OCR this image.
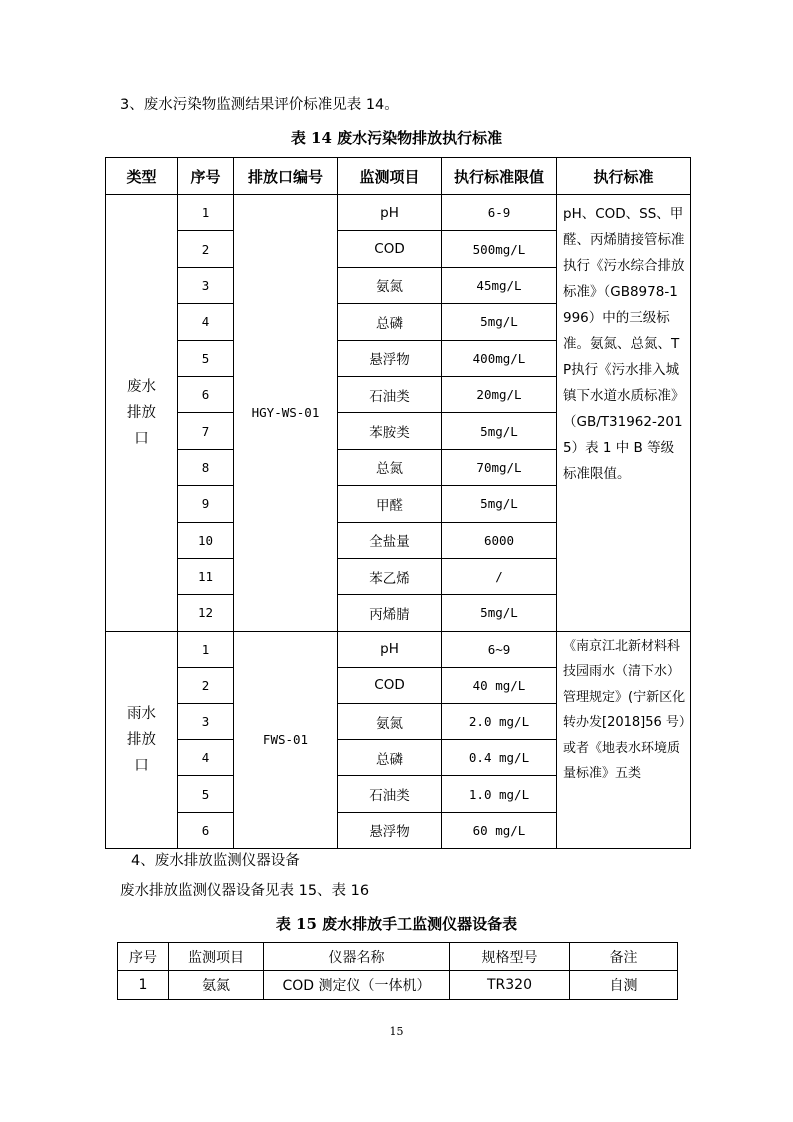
3、废水污染物监测结果评价标准见表 14。
表 14 废水污染物排放执行标准
类型	序号	排放口编号	监测项目	执行标准限值	执行标准
废水排放口	1	HGY-WS-01	pH	6-9	pH、COD、SS、甲醛、丙烯腈接管标准执行《污水综合排放标准》（GB8978-1996）中的三级标准。氨氮、总氮、TP执行《污水排入城镇下水道水质标准》（GB/T31962-2015）表 1 中 B 等级标准限值。
	2		COD	500mg/L	
	3		氨氮	45mg/L	
	4		总磷	5mg/L	
	5		悬浮物	400mg/L	
	6		石油类	20mg/L	
	7		苯胺类	5mg/L	
	8		总氮	70mg/L	
	9		甲醛	5mg/L	
	10		全盐量	6000	
	11		苯乙烯	/	
	12		丙烯腈	5mg/L	
雨水排放口	1	FWS-01	pH	6~9	《南京江北新材料科技园雨水（清下水）管理规定》(宁新区化转办发[2018]56 号）或者《地表水环境质量标准》五类
	2		COD	40 mg/L	
	3		氨氮	2.0 mg/L	
	4		总磷	0.4 mg/L	
	5		石油类	1.0 mg/L	
	6		悬浮物	60 mg/L	
4、废水排放监测仪器设备
废水排放监测仪器设备见表 15、表 16
表 15 废水排放手工监测仪器设备表
序号	监测项目	仪器名称	规格型号	备注
1	氨氮	COD 测定仪（一体机）	TR320	自测
15
